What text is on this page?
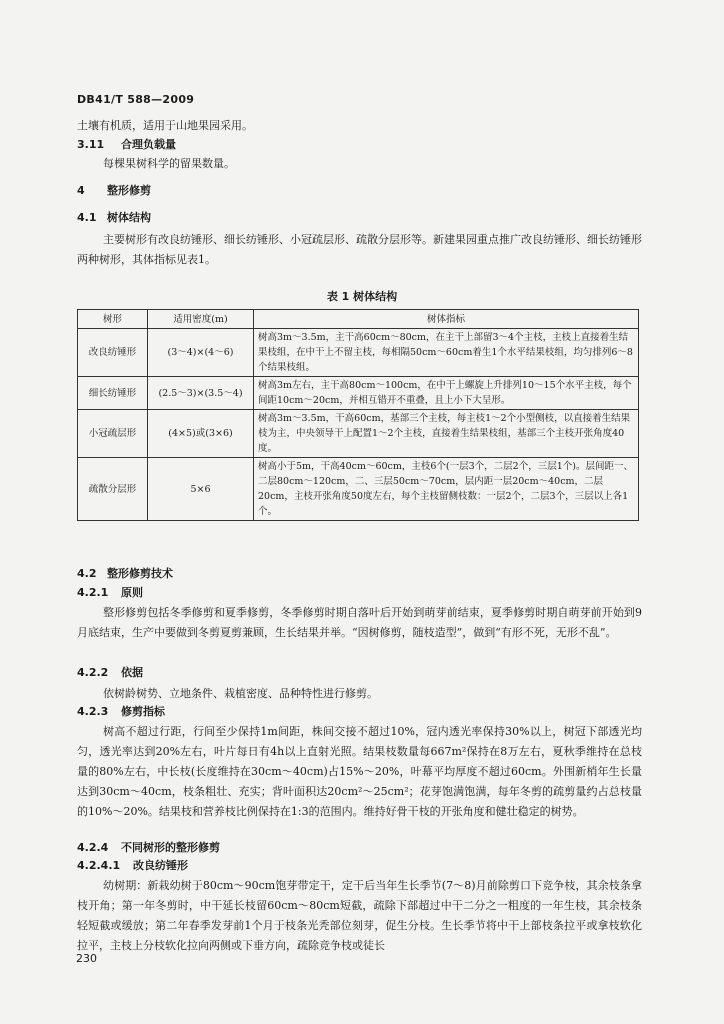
DB41/T 588—2009
土壤有机质，适用于山地果园采用。
3.11 合理负载量
每棵果树科学的留果数量。
4 整形修剪
4.1 树体结构
主要树形有改良纺锤形、细长纺锤形、小冠疏层形、疏散分层形等。新建果园重点推广改良纺锤形、细长纺锤形两种树形，其体指标见表1。
表 1 树体结构
树形	适用密度(m)	树体指标
改良纺锤形	(3～4)×(4～6)	树高3m～3.5m，主干高60cm～80cm，在主干上部留3～4个主枝，主枝上直接着生结果枝组，在中干上不留主枝，每相隔50cm～60cm着生1个水平结果枝组，均匀排列6～8个结果枝组。
细长纺锤形	(2.5～3)×(3.5～4)	树高3m左右，主干高80cm～100cm，在中干上螺旋上升排列10～15个水平主枝，每个间距10cm～20cm，并相互错开不重叠，且上小下大呈形。
小冠疏层形	(4×5)或(3×6)	树高3m～3.5m，干高60cm，基部三个主枝，每主枝1～2个小型侧枝，以直接着生结果枝为主，中央领导干上配置1～2个主枝，直接着生结果枝组，基部三个主枝开张角度40度。
疏散分层形	5×6	树高小于5m，干高40cm～60cm，主枝6个(一层3个，二层2个，三层1个)。层间距一、二层80cm～120cm，二、三层50cm～70cm，层内距一层20cm～40cm，二层20cm，主枝开张角度50度左右，每个主枝留侧枝数：一层2个，二层3个，三层以上各1个。
4.2 整形修剪技术
4.2.1 原则
整形修剪包括冬季修剪和夏季修剪，冬季修剪时期自落叶后开始到萌芽前结束，夏季修剪时期自萌芽前开始到9月底结束，生产中要做到冬剪夏剪兼顾，生长结果并举。“因树修剪，随枝造型”，做到“有形不死，无形不乱”。
4.2.2 依据
依树龄树势、立地条件、栽植密度、品种特性进行修剪。
4.2.3 修剪指标
树高不超过行距，行间至少保持1m间距，株间交接不超过10%，冠内透光率保持30%以上，树冠下部透光均匀，透光率达到20%左右，叶片每日有4h以上直射光照。结果枝数量每667m²保持在8万左右，夏秋季维持在总枝量的80%左右，中长枝(长度维持在30cm～40cm)占15%～20%，叶幕平均厚度不超过60cm。外围新梢年生长量达到30cm～40cm，枝条粗壮、充实；背叶面积达20cm²～25cm²；花芽饱满饱满，每年冬剪的疏剪量约占总枝量的10%～20%。结果枝和营养枝比例保持在1:3的范围内。维持好骨干枝的开张角度和健壮稳定的树势。
4.2.4 不同树形的整形修剪
4.2.4.1 改良纺锤形
幼树期：新栽幼树于80cm～90cm饱芽带定干，定干后当年生长季节(7～8)月前除剪口下竞争枝，其余枝条拿枝开角；第一年冬剪时，中干延长枝留60cm～80cm短截，疏除下部超过中干二分之一粗度的一年生枝，其余枝条轻短截或缓放；第二年春季发芽前1个月于枝条光秃部位刻芽，促生分枝。生长季节将中干上部枝条拉平或拿枝软化拉平，主枝上分枝软化拉向两侧或下垂方向，疏除竞争枝或徒长
230
